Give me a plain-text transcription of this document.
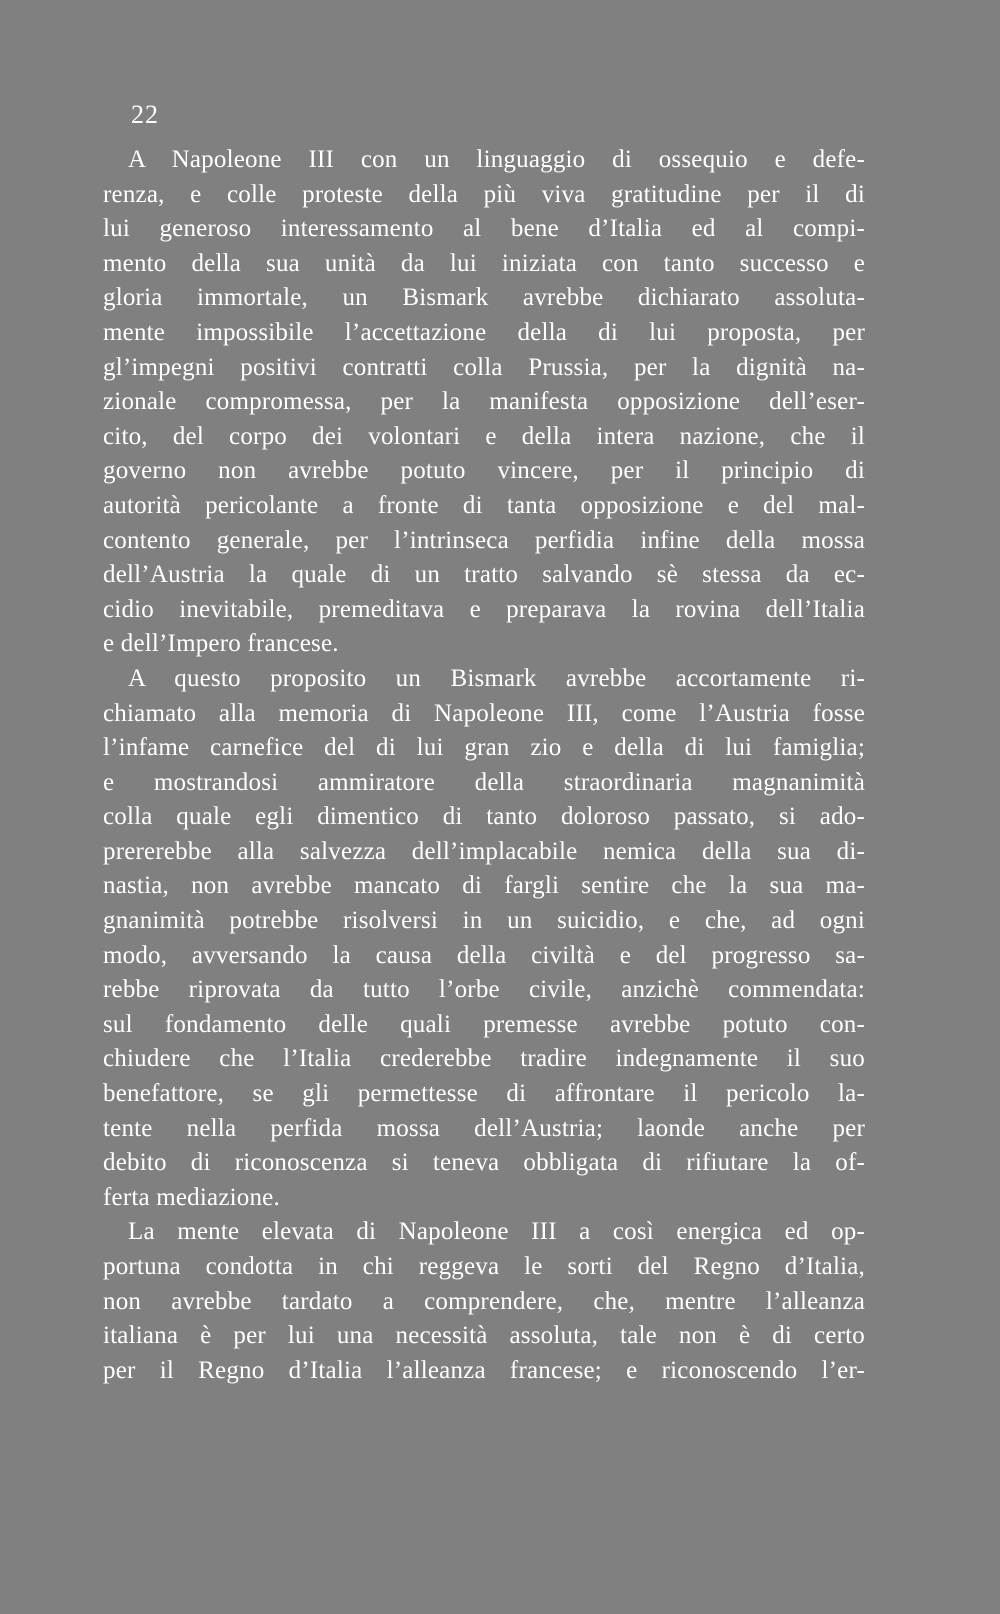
22
A Napoleone III con un linguaggio di ossequio e defe-
renza, e colle proteste della più viva gratitudine per il di
lui generoso interessamento al bene d’Italia ed al compi-
mento della sua unità da lui iniziata con tanto successo e
gloria immortale, un Bismark avrebbe dichiarato assoluta-
mente impossibile l’accettazione della di lui proposta, per
gl’impegni positivi contratti colla Prussia, per la dignità na-
zionale compromessa, per la manifesta opposizione dell’eser-
cito, del corpo dei volontari e della intera nazione, che il
governo non avrebbe potuto vincere, per il principio di
autorità pericolante a fronte di tanta opposizione e del mal-
contento generale, per l’intrinseca perfidia infine della mossa
dell’Austria la quale di un tratto salvando sè stessa da ec-
cidio inevitabile, premeditava e preparava la rovina dell’Italia
e dell’Impero francese.
A questo proposito un Bismark avrebbe accortamente ri-
chiamato alla memoria di Napoleone III, come l’Austria fosse
l’infame carnefice del di lui gran zio e della di lui famiglia;
e mostrandosi ammiratore della straordinaria magnanimità
colla quale egli dimentico di tanto doloroso passato, si ado-
prererebbe alla salvezza dell’implacabile nemica della sua di-
nastia, non avrebbe mancato di fargli sentire che la sua ma-
gnanimità potrebbe risolversi in un suicidio, e che, ad ogni
modo, avversando la causa della civiltà e del progresso sa-
rebbe riprovata da tutto l’orbe civile, anzichè commendata:
sul fondamento delle quali premesse avrebbe potuto con-
chiudere che l’Italia crederebbe tradire indegnamente il suo
benefattore, se gli permettesse di affrontare il pericolo la-
tente nella perfida mossa dell’Austria; laonde anche per
debito di riconoscenza si teneva obbligata di rifiutare la of-
ferta mediazione.
La mente elevata di Napoleone III a così energica ed op-
portuna condotta in chi reggeva le sorti del Regno d’Italia,
non avrebbe tardato a comprendere, che, mentre l’alleanza
italiana è per lui una necessità assoluta, tale non è di certo
per il Regno d’Italia l’alleanza francese; e riconoscendo l’er-
